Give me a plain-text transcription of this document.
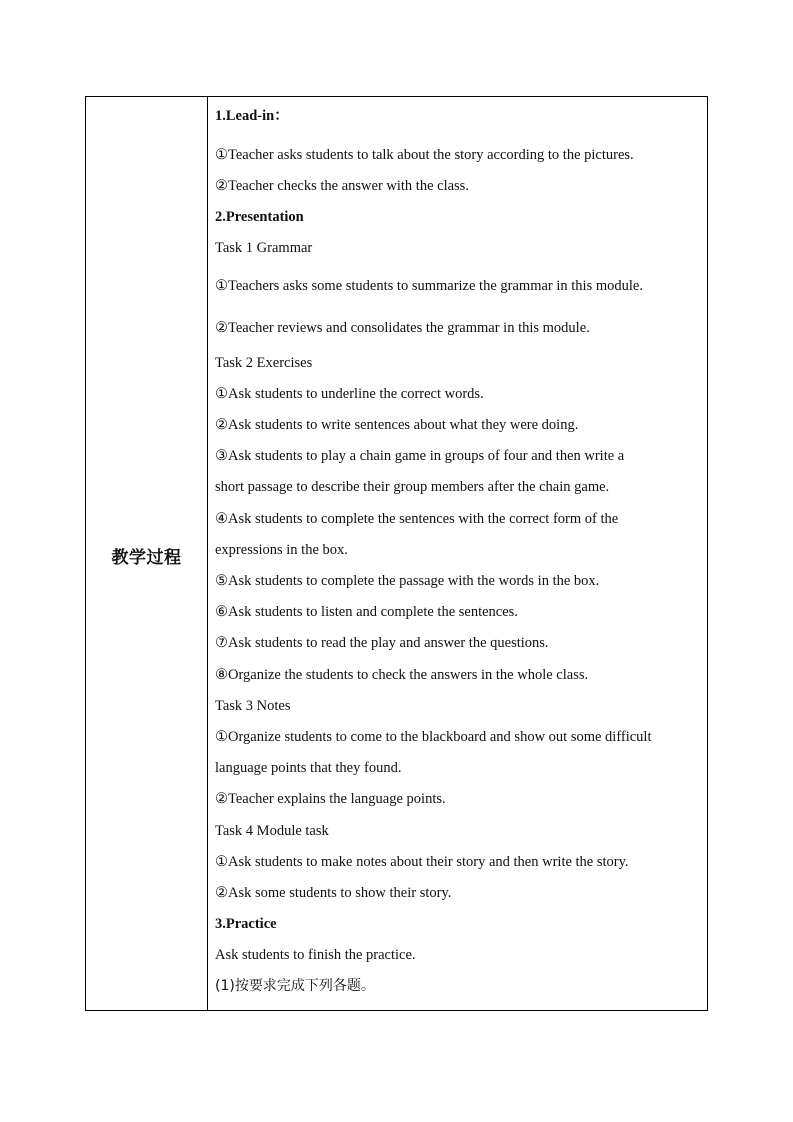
教学过程
1.Lead-in：
①Teacher asks students to talk about the story according to the pictures.
②Teacher checks the answer with the class.
2.Presentation
Task 1 Grammar
①Teachers asks some students to summarize the grammar in this module.
②Teacher reviews and consolidates the grammar in this module.
Task 2 Exercises
①Ask students to underline the correct words.
②Ask students to write sentences about what they were doing.
③Ask students to play a chain game in groups of four and then write a
short passage to describe their group members after the chain game.
④Ask students to complete the sentences with the correct form of the
expressions in the box.
⑤Ask students to complete the passage with the words in the box.
⑥Ask students to listen and complete the sentences.
⑦Ask students to read the play and answer the questions.
⑧Organize the students to check the answers in the whole class.
Task 3 Notes
①Organize students to come to the blackboard and show out some difficult
language points that they found.
②Teacher explains the language points.
Task 4 Module task
①Ask students to make notes about their story and then write the story.
②Ask some students to show their story.
3.Practice
Ask students to finish the practice.
(1)按要求完成下列各题。
